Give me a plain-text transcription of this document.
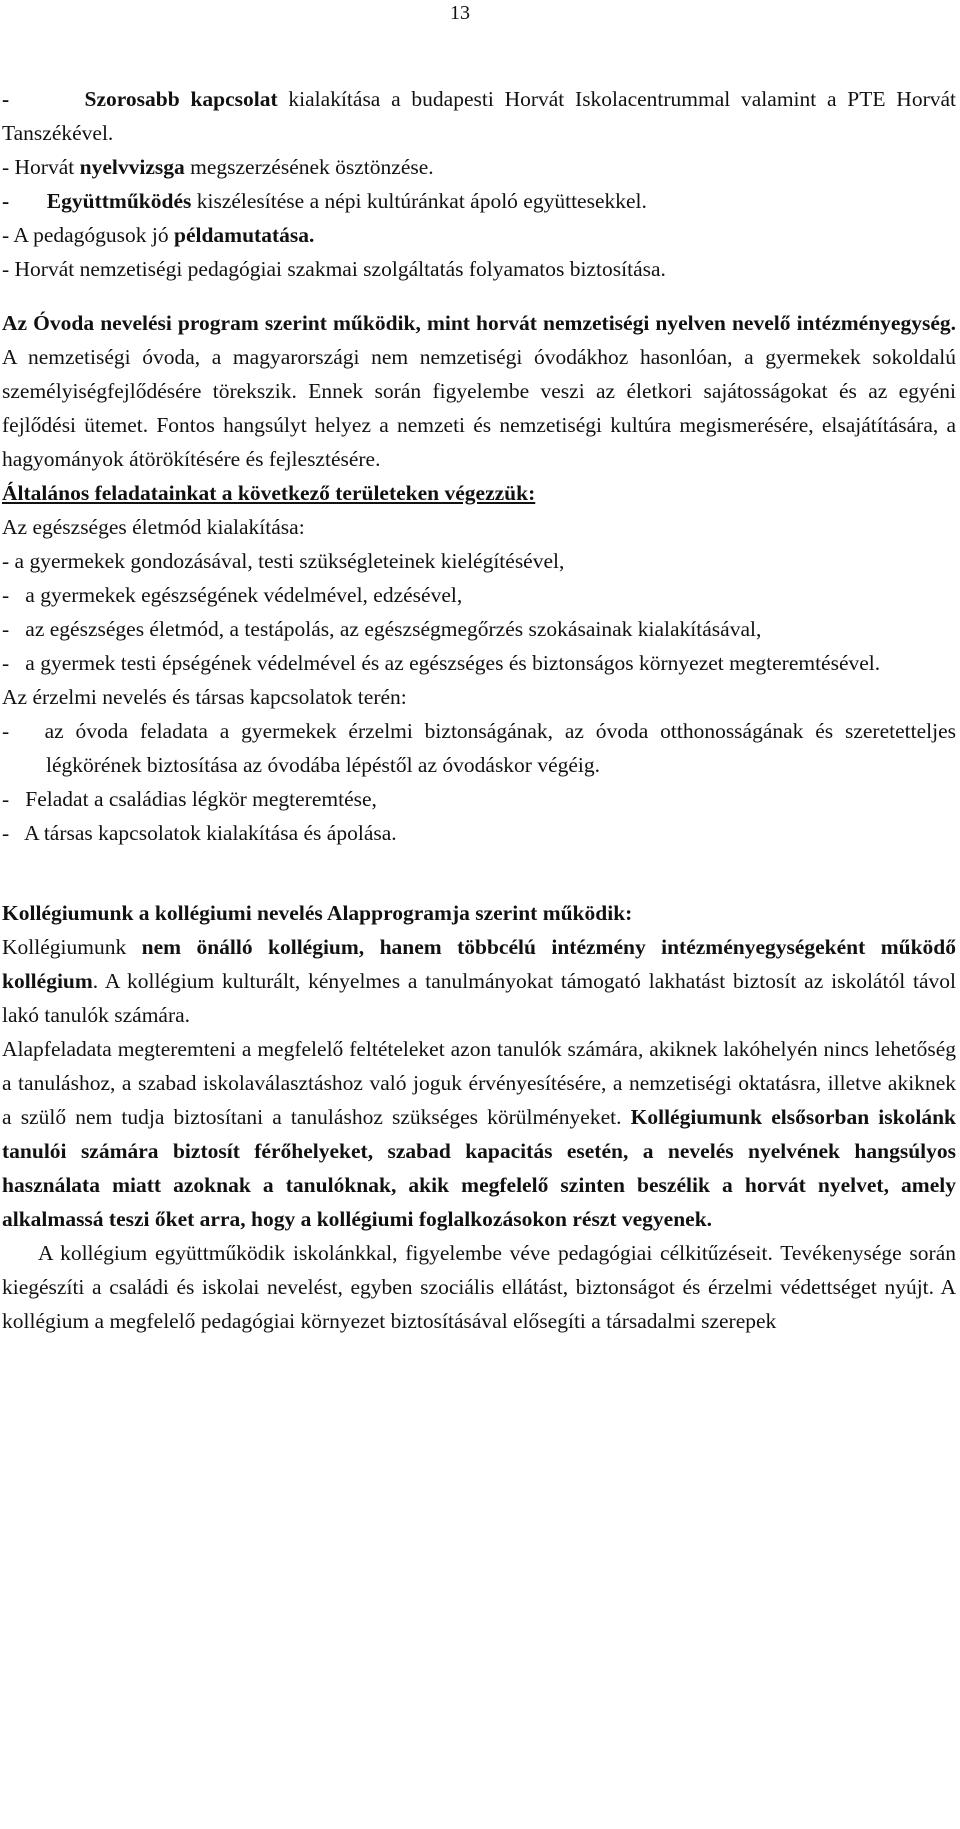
13

-	Szorosabb kapcsolat kialakítása a budapesti Horvát Iskolacentrummal valamint a PTE Horvát Tanszékével.

- Horvát nyelvvizsga megszerzésének ösztönzése.

- Együttműködés kiszélesítése a népi kultúránkat ápoló együttesekkel.

- A pedagógusok jó példamutatása.

- Horvát nemzetiségi pedagógiai szakmai szolgáltatás folyamatos biztosítása.

Az Óvoda nevelési program szerint működik, mint horvát nemzetiségi nyelven nevelő intézményegység. A nemzetiségi óvoda, a magyarországi nem nemzetiségi óvodákhoz hasonlóan, a gyermekek sokoldalú személyiségfejlődésére törekszik. Ennek során figyelembe veszi az életkori sajátosságokat és az egyéni fejlődési ütemet. Fontos hangsúlyt helyez a nemzeti és nemzetiségi kultúra megismerésére, elsajátítására, a hagyományok átörökítésére és fejlesztésére.

Általános feladatainkat a következő területeken végezzük:

Az egészséges életmód kialakítása:

- a gyermekek gondozásával, testi szükségleteinek kielégítésével,

-   a gyermekek egészségének védelmével, edzésével,

-   az egészséges életmód, a testápolás, az egészségmegőrzés szokásainak kialakításával,

-   a gyermek testi épségének védelmével és az egészséges és biztonságos környezet megteremtésével.

Az érzelmi nevelés és társas kapcsolatok terén:

-   az óvoda feladata a gyermekek érzelmi biztonságának, az óvoda otthonosságának és szeretetteljes légkörének biztosítása az óvodába lépéstől az óvodáskor végéig.

-   Feladat a családias légkör megteremtése,

-   A társas kapcsolatok kialakítása és ápolása.

Kollégiumunk a kollégiumi nevelés Alapprogramja szerint működik:

Kollégiumunk nem önálló kollégium, hanem többcélú intézmény intézményegységeként működő kollégium. A kollégium kulturált, kényelmes a tanulmányokat támogató lakhatást biztosít az iskolától távol lakó tanulók számára.

Alapfeladata megteremteni a megfelelő feltételeket azon tanulók számára, akiknek lakóhelyén nincs lehetőség a tanuláshoz, a szabad iskolaválasztáshoz való joguk érvényesítésére, a nemzetiségi oktatásra, illetve akiknek a szülő nem tudja biztosítani a tanuláshoz szükséges körülményeket. Kollégiumunk elsősorban iskolánk tanulói számára biztosít férőhelyeket, szabad kapacitás esetén, a nevelés nyelvének hangsúlyos használata miatt azoknak a tanulóknak, akik megfelelő szinten beszélik a horvát nyelvet, amely alkalmassá teszi őket arra, hogy a kollégiumi foglalkozásokon részt vegyenek.

A kollégium együttműködik iskolánkkal, figyelembe véve pedagógiai célkitűzéseit. Tevékenysége során kiegészíti a családi és iskolai nevelést, egyben szociális ellátást, biztonságot és érzelmi védettséget nyújt. A kollégium a megfelelő pedagógiai környezet biztosításával elősegíti a társadalmi szerepek
